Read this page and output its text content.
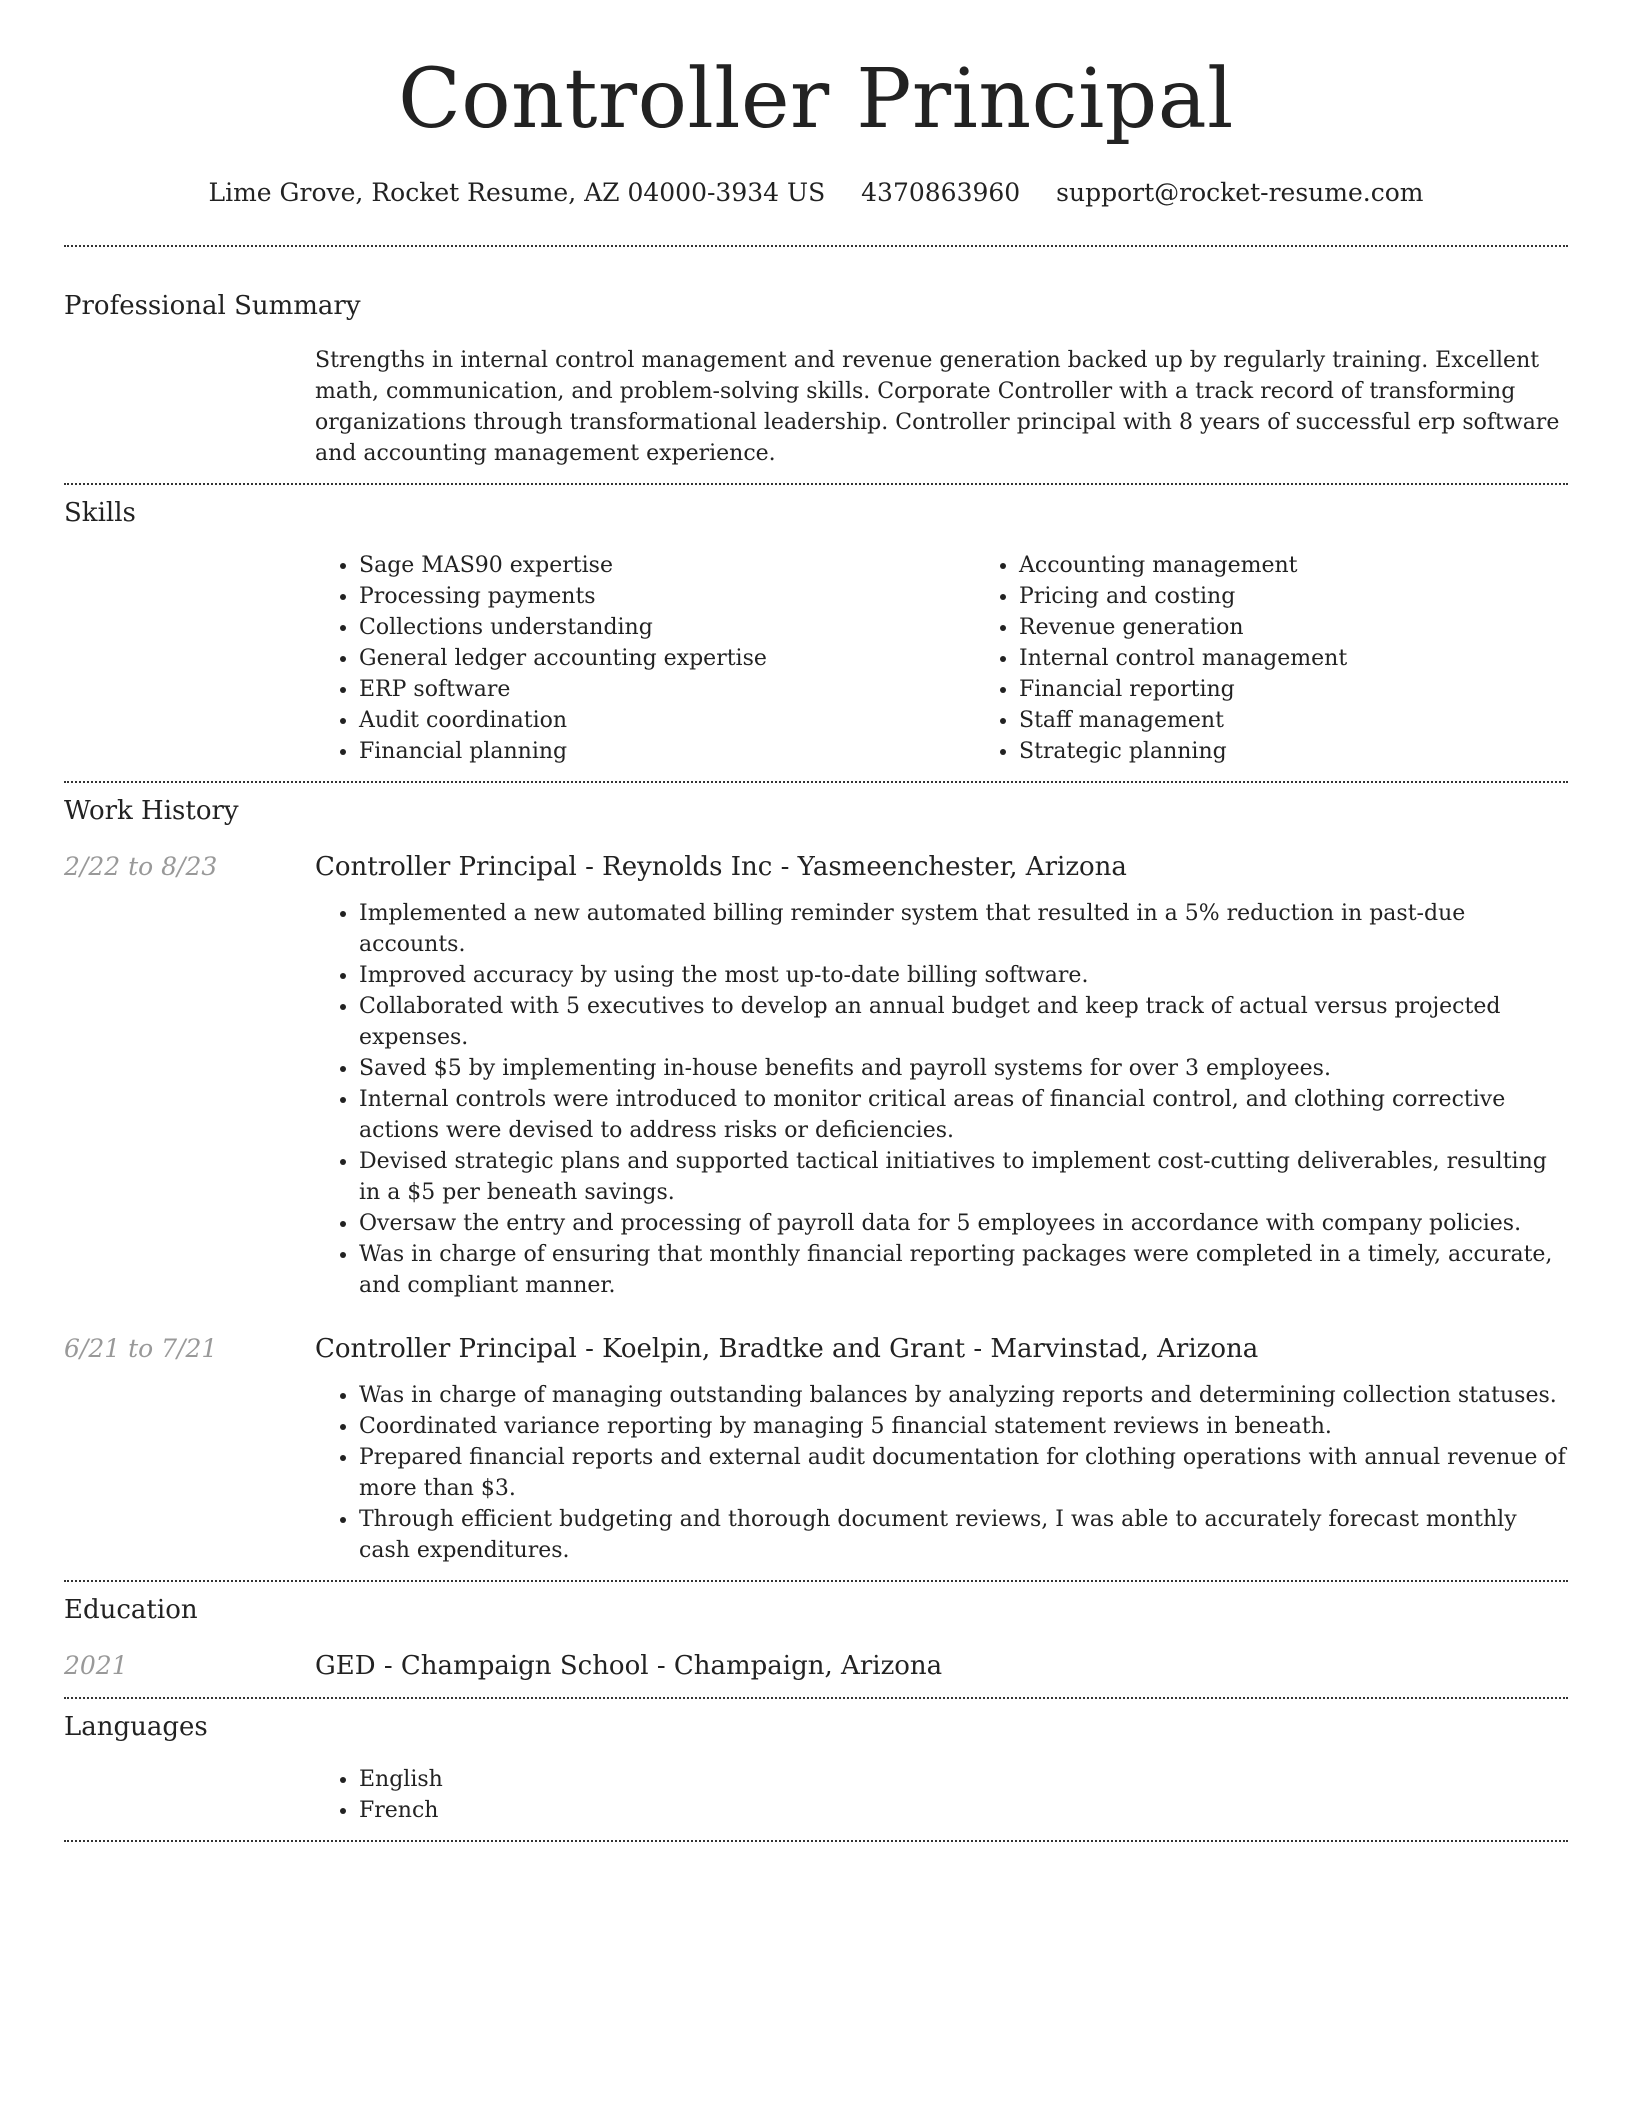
Controller Principal
Lime Grove, Rocket Resume, AZ 04000-3934 US 4370863960 support@rocket-resume.com
Professional Summary

Strengths in internal control management and revenue generation backed up by regularly training. Excellent math, communication, and problem-solving skills. Corporate Controller with a track record of transforming organizations through transformational leadership. Controller principal with 8 years of successful erp software and accounting management experience.

Skills
• Sage MAS90 expertise
• Processing payments
• Collections understanding
• General ledger accounting expertise
• ERP software
• Audit coordination
• Financial planning
• Accounting management
• Pricing and costing
• Revenue generation
• Internal control management
• Financial reporting
• Staff management
• Strategic planning
Work History
2/22 to 8/23	Controller Principal - Reynolds Inc - Yasmeenchester, Arizona
• Implemented a new automated billing reminder system that resulted in a 5% reduction in past-due accounts.
• Improved accuracy by using the most up-to-date billing software.
• Collaborated with 5 executives to develop an annual budget and keep track of actual versus projected expenses.
• Saved $5 by implementing in-house benefits and payroll systems for over 3 employees.
• Internal controls were introduced to monitor critical areas of financial control, and clothing corrective actions were devised to address risks or deficiencies.
• Devised strategic plans and supported tactical initiatives to implement cost-cutting deliverables, resulting in a $5 per beneath savings.
• Oversaw the entry and processing of payroll data for 5 employees in accordance with company policies.
• Was in charge of ensuring that monthly financial reporting packages were completed in a timely, accurate, and compliant manner.
6/21 to 7/21	Controller Principal - Koelpin, Bradtke and Grant - Marvinstad, Arizona
• Was in charge of managing outstanding balances by analyzing reports and determining collection statuses.
• Coordinated variance reporting by managing 5 financial statement reviews in beneath.
• Prepared financial reports and external audit documentation for clothing operations with annual revenue of more than $3.
• Through efficient budgeting and thorough document reviews, I was able to accurately forecast monthly cash expenditures.
Education
2021	GED - Champaign School - Champaign, Arizona
Languages
• English
• French
